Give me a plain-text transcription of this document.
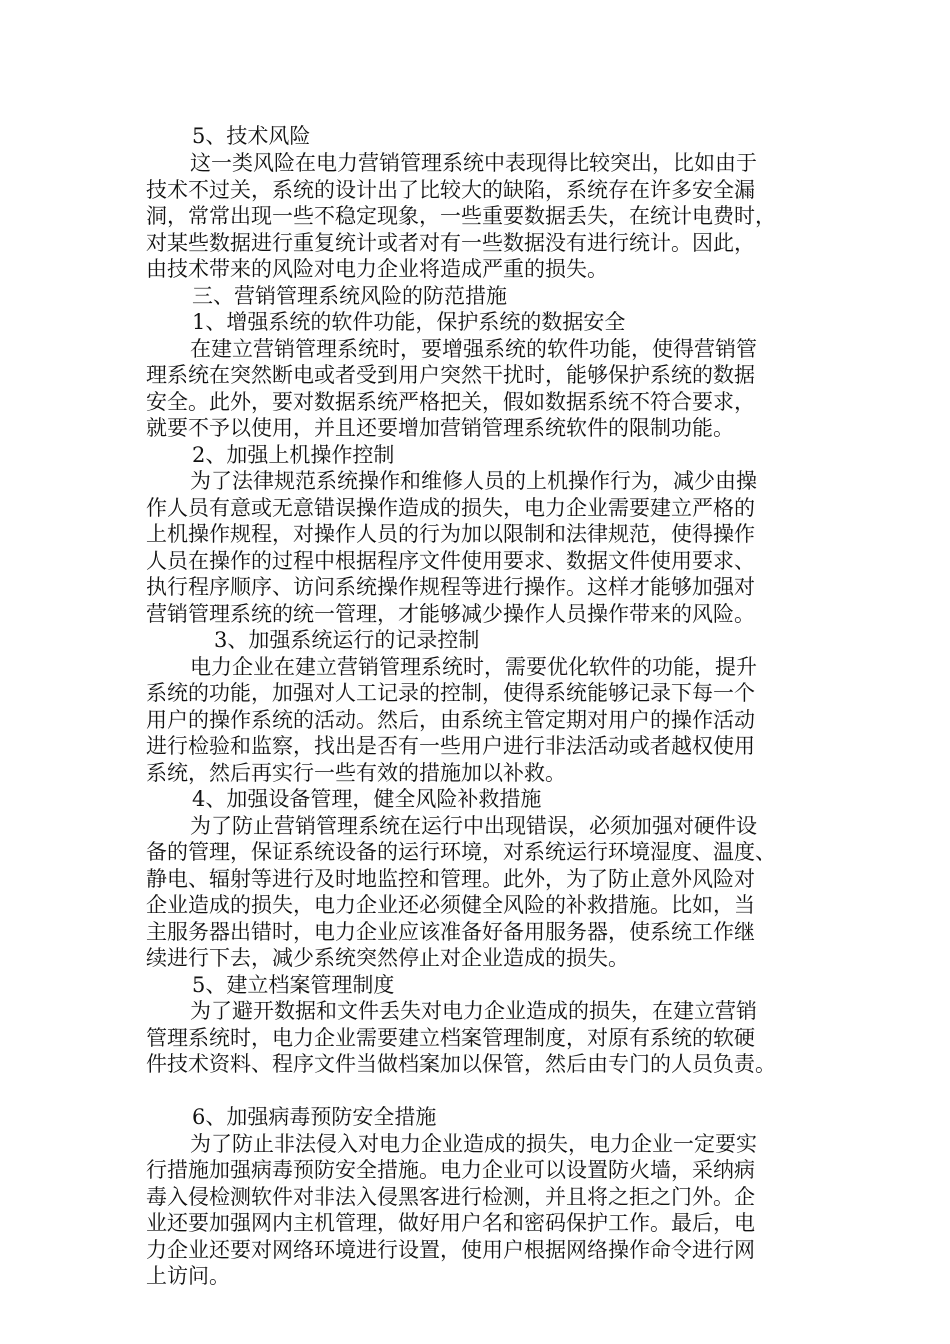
5、技术风险
这一类风险在电力营销管理系统中表现得比较突出，比如由于
技术不过关，系统的设计出了比较大的缺陷，系统存在许多安全漏
洞，常常出现一些不稳定现象，一些重要数据丢失，在统计电费时，
对某些数据进行重复统计或者对有一些数据没有进行统计。因此，
由技术带来的风险对电力企业将造成严重的损失。
三、营销管理系统风险的防范措施
1、增强系统的软件功能，保护系统的数据安全
在建立营销管理系统时，要增强系统的软件功能，使得营销管
理系统在突然断电或者受到用户突然干扰时，能够保护系统的数据
安全。此外，要对数据系统严格把关，假如数据系统不符合要求，
就要不予以使用，并且还要增加营销管理系统软件的限制功能。
2、加强上机操作控制
为了法律规范系统操作和维修人员的上机操作行为，减少由操
作人员有意或无意错误操作造成的损失，电力企业需要建立严格的
上机操作规程，对操作人员的行为加以限制和法律规范，使得操作
人员在操作的过程中根据程序文件使用要求、数据文件使用要求、
执行程序顺序、访问系统操作规程等进行操作。这样才能够加强对
营销管理系统的统一管理，才能够减少操作人员操作带来的风险。
3、加强系统运行的记录控制
电力企业在建立营销管理系统时，需要优化软件的功能，提升
系统的功能，加强对人工记录的控制，使得系统能够记录下每一个
用户的操作系统的活动。然后，由系统主管定期对用户的操作活动
进行检验和监察，找出是否有一些用户进行非法活动或者越权使用
系统，然后再实行一些有效的措施加以补救。
4、加强设备管理，健全风险补救措施
为了防止营销管理系统在运行中出现错误，必须加强对硬件设
备的管理，保证系统设备的运行环境，对系统运行环境湿度、温度、
静电、辐射等进行及时地监控和管理。此外，为了防止意外风险对
企业造成的损失，电力企业还必须健全风险的补救措施。比如，当
主服务器出错时，电力企业应该准备好备用服务器，使系统工作继
续进行下去，减少系统突然停止对企业造成的损失。
5、建立档案管理制度
为了避开数据和文件丢失对电力企业造成的损失，在建立营销
管理系统时，电力企业需要建立档案管理制度，对原有系统的软硬
件技术资料、程序文件当做档案加以保管，然后由专门的人员负责。
6、加强病毒预防安全措施
为了防止非法侵入对电力企业造成的损失，电力企业一定要实
行措施加强病毒预防安全措施。电力企业可以设置防火墙，采纳病
毒入侵检测软件对非法入侵黑客进行检测，并且将之拒之门外。企
业还要加强网内主机管理，做好用户名和密码保护工作。最后，电
力企业还要对网络环境进行设置，使用户根据网络操作命令进行网
上访问。
